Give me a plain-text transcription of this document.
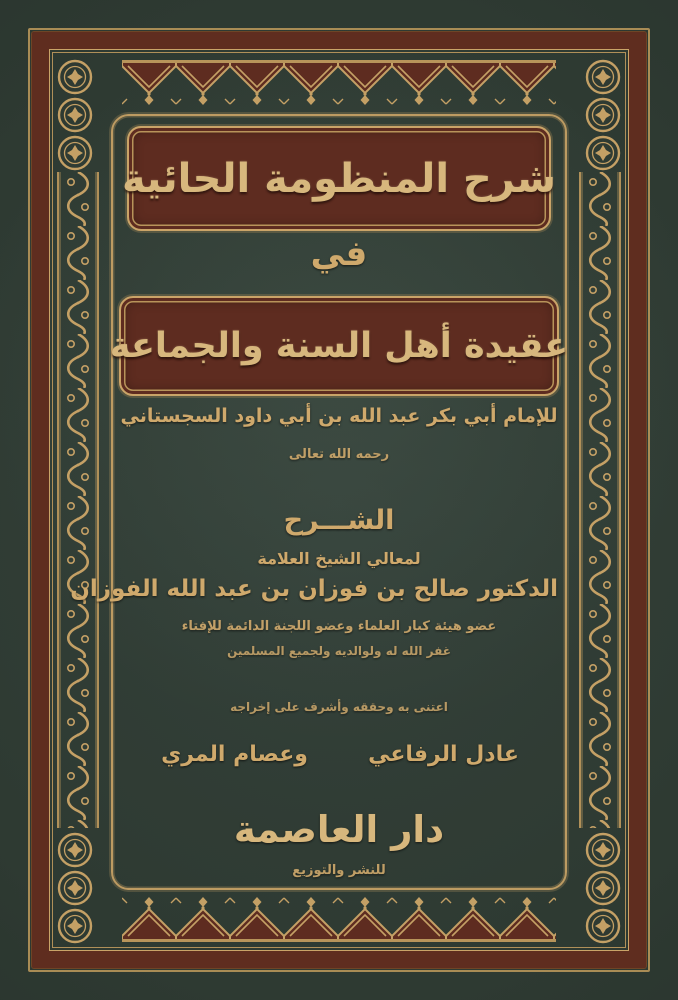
شرح المنظومة الحائية
في
عقيدة أهل السنة والجماعة
للإمام أبي بكر عبد الله بن أبي داود السجستاني
رحمه الله تعالى
الشـــرح
لمعالي الشيخ العلامة
الدكتور صالح بن فوزان بن عبد الله الفوزان
عضو هيئة كبار العلماء وعضو اللجنة الدائمة للإفتاء
غفر الله له ولوالديه ولجميع المسلمين
اعتنى به وحققه وأشرف على إخراجه
عادل الرفاعي
وعصام المري
دار العاصمة
للنشر والتوزيع
